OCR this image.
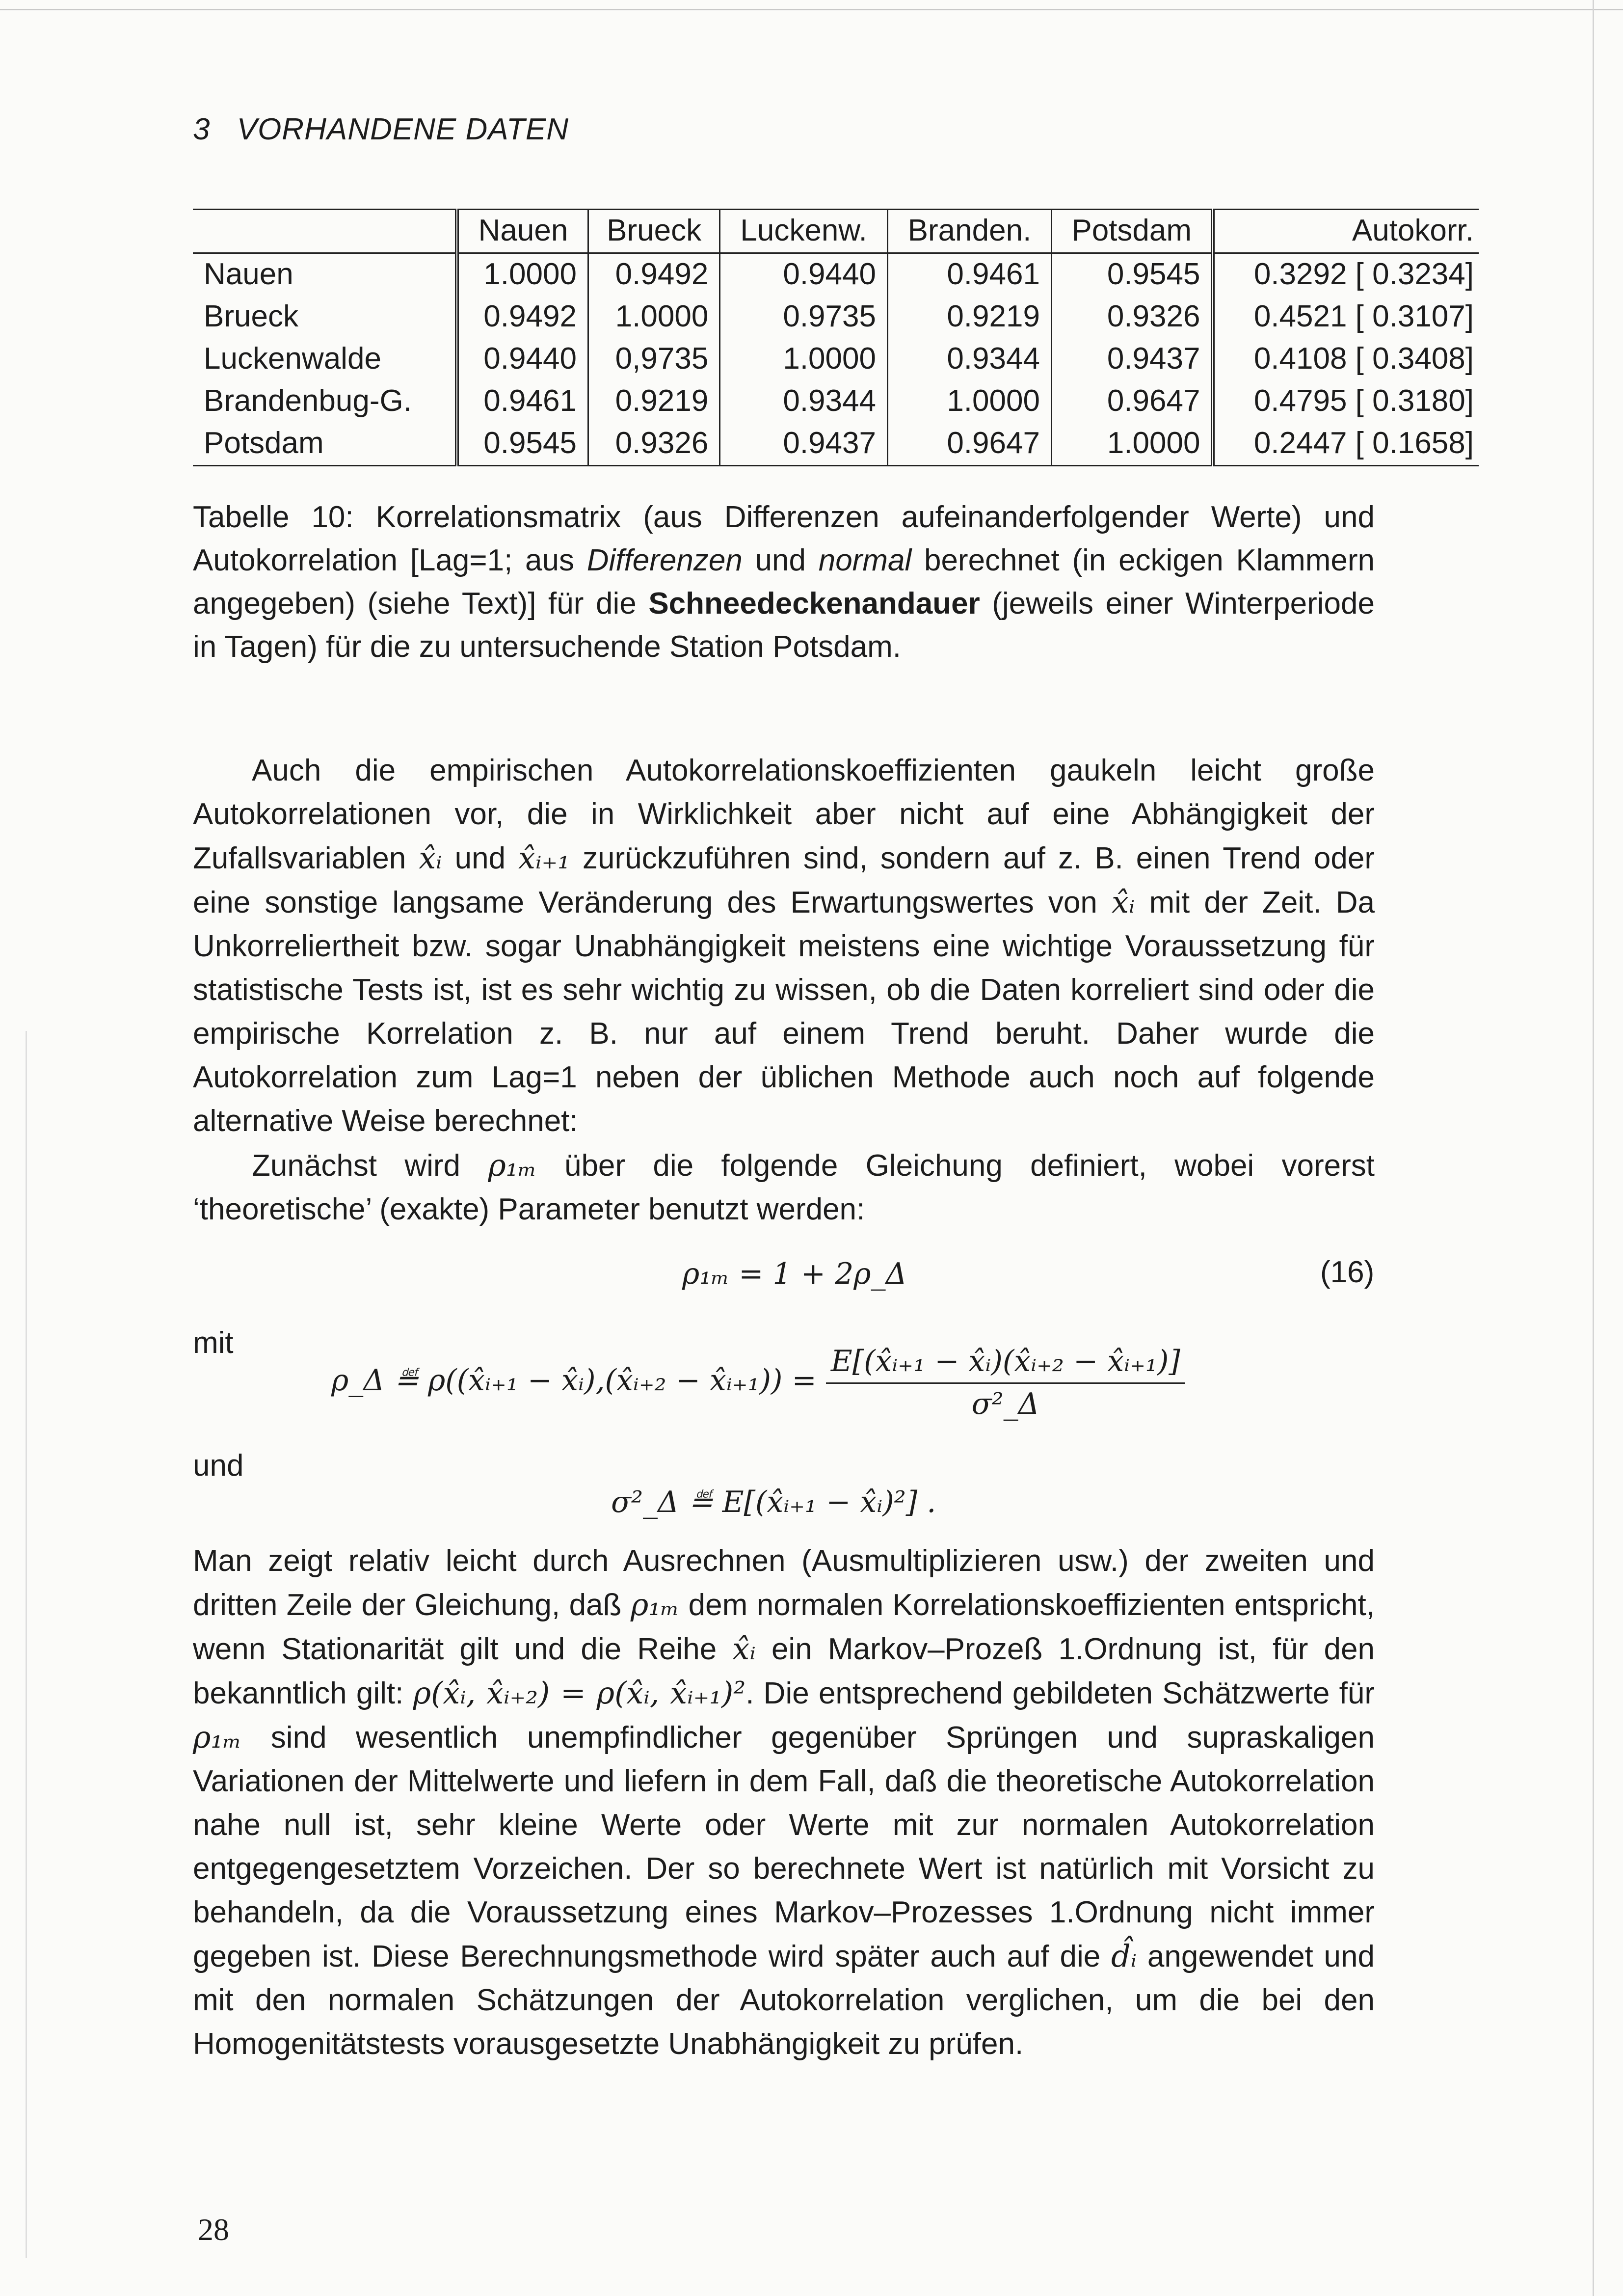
3 VORHANDENE DATEN
	Nauen	Brueck	Luckenw.	Branden.	Potsdam	Autokorr.
Nauen	1.0000	0.9492	0.9440	0.9461	0.9545	0.3292 [ 0.3234]
Brueck	0.9492	1.0000	0.9735	0.9219	0.9326	0.4521 [ 0.3107]
Luckenwalde	0.9440	0,9735	1.0000	0.9344	0.9437	0.4108 [ 0.3408]
Brandenbug-G.	0.9461	0.9219	0.9344	1.0000	0.9647	0.4795 [ 0.3180]
Potsdam	0.9545	0.9326	0.9437	0.9647	1.0000	0.2447 [ 0.1658]
Tabelle 10: Korrelationsmatrix (aus Differenzen aufeinanderfolgender Werte) und Autokorrelation [Lag=1; aus Differenzen und normal berechnet (in eckigen Klammern angegeben) (siehe Text)] für die Schneedeckenandauer (jeweils einer Winterperiode in Tagen) für die zu untersuchende Station Potsdam.
Auch die empirischen Autokorrelationskoeffizienten gaukeln leicht große Autokorrelationen vor, die in Wirklichkeit aber nicht auf eine Abhängigkeit der Zufallsvariablen x̂ᵢ und x̂ᵢ₊₁ zurückzuführen sind, sondern auf z. B. einen Trend oder eine sonstige langsame Veränderung des Erwartungswertes von x̂ᵢ mit der Zeit. Da Unkorreliertheit bzw. sogar Unabhängigkeit meistens eine wichtige Voraussetzung für statistische Tests ist, ist es sehr wichtig zu wissen, ob die Daten korreliert sind oder die empirische Korrelation z. B. nur auf einem Trend beruht. Daher wurde die Autokorrelation zum Lag=1 neben der üblichen Methode auch noch auf folgende alternative Weise berechnet:
Zunächst wird ρ₁ₘ über die folgende Gleichung definiert, wobei vorerst ‘theoretische’ (exakte) Parameter benutzt werden:
ρ₁ₘ = 1 + 2ρ_Δ	(16)
mit
ρ_Δ ≝ ρ((x̂ᵢ₊₁ − x̂ᵢ),(x̂ᵢ₊₂ − x̂ᵢ₊₁)) = $\frac{\text{E[(x̂ᵢ₊₁ − x̂ᵢ)(x̂ᵢ₊₂ − x̂ᵢ₊₁)]}}{\text{σ²\_Δ}}$
und
σ²_Δ ≝ E[(x̂ᵢ₊₁ − x̂ᵢ)²] .
Man zeigt relativ leicht durch Ausrechnen (Ausmultiplizieren usw.) der zweiten und dritten Zeile der Gleichung, daß ρ₁ₘ dem normalen Korrelationskoeffizienten entspricht, wenn Stationarität gilt und die Reihe x̂ᵢ ein Markov–Prozeß 1.Ordnung ist, für den bekanntlich gilt: ρ(x̂ᵢ, x̂ᵢ₊₂) = ρ(x̂ᵢ, x̂ᵢ₊₁)². Die entsprechend gebildeten Schätzwerte für ρ₁ₘ sind wesentlich unempfindlicher gegenüber Sprüngen und supraskaligen Variationen der Mittelwerte und liefern in dem Fall, daß die theoretische Autokorrelation nahe null ist, sehr kleine Werte oder Werte mit zur normalen Autokorrelation entgegengesetztem Vorzeichen. Der so berechnete Wert ist natürlich mit Vorsicht zu behandeln, da die Voraussetzung eines Markov–Prozesses 1.Ordnung nicht immer gegeben ist. Diese Berechnungsmethode wird später auch auf die d̂ᵢ angewendet und mit den normalen Schätzungen der Autokorrelation verglichen, um die bei den Homogenitätstests vorausgesetzte Unabhängigkeit zu prüfen.
28
